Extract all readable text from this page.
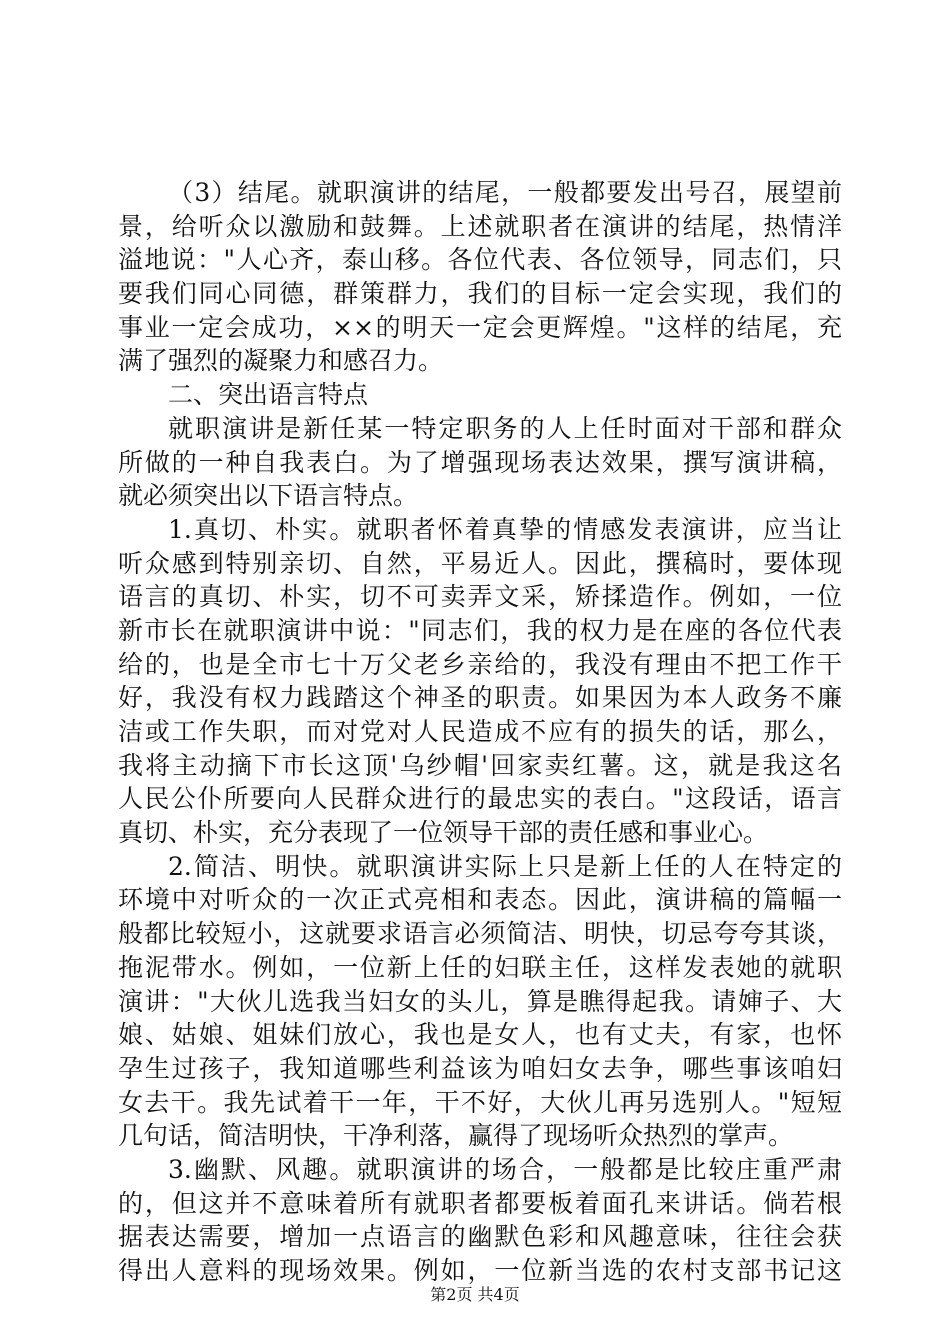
（3）结尾。就职演讲的结尾，一般都要发出号召，展望前
景，给听众以激励和鼓舞。上述就职者在演讲的结尾，热情洋
溢地说："人心齐，泰山移。各位代表、各位领导，同志们，只
要我们同心同德，群策群力，我们的目标一定会实现，我们的
事业一定会成功，××的明天一定会更辉煌。"这样的结尾，充
满了强烈的凝聚力和感召力。
二、突出语言特点
就职演讲是新任某一特定职务的人上任时面对干部和群众
所做的一种自我表白。为了增强现场表达效果，撰写演讲稿，
就必须突出以下语言特点。
1.真切、朴实。就职者怀着真挚的情感发表演讲，应当让
听众感到特别亲切、自然，平易近人。因此，撰稿时，要体现
语言的真切、朴实，切不可卖弄文采，矫揉造作。例如，一位
新市长在就职演讲中说："同志们，我的权力是在座的各位代表
给的，也是全市七十万父老乡亲给的，我没有理由不把工作干
好，我没有权力践踏这个神圣的职责。如果因为本人政务不廉
洁或工作失职，而对党对人民造成不应有的损失的话，那么，
我将主动摘下市长这顶'乌纱帽'回家卖红薯。这，就是我这名
人民公仆所要向人民群众进行的最忠实的表白。"这段话，语言
真切、朴实，充分表现了一位领导干部的责任感和事业心。
2.简洁、明快。就职演讲实际上只是新上任的人在特定的
环境中对听众的一次正式亮相和表态。因此，演讲稿的篇幅一
般都比较短小，这就要求语言必须简洁、明快，切忌夸夸其谈，
拖泥带水。例如，一位新上任的妇联主任，这样发表她的就职
演讲："大伙儿选我当妇女的头儿，算是瞧得起我。请婶子、大
娘、姑娘、姐妹们放心，我也是女人，也有丈夫，有家，也怀
孕生过孩子，我知道哪些利益该为咱妇女去争，哪些事该咱妇
女去干。我先试着干一年，干不好，大伙儿再另选别人。"短短
几句话，简洁明快，干净利落，赢得了现场听众热烈的掌声。
3.幽默、风趣。就职演讲的场合，一般都是比较庄重严肃
的，但这并不意味着所有就职者都要板着面孔来讲话。倘若根
据表达需要，增加一点语言的幽默色彩和风趣意味，往往会获
得出人意料的现场效果。例如，一位新当选的农村支部书记这
第2页 共4页
